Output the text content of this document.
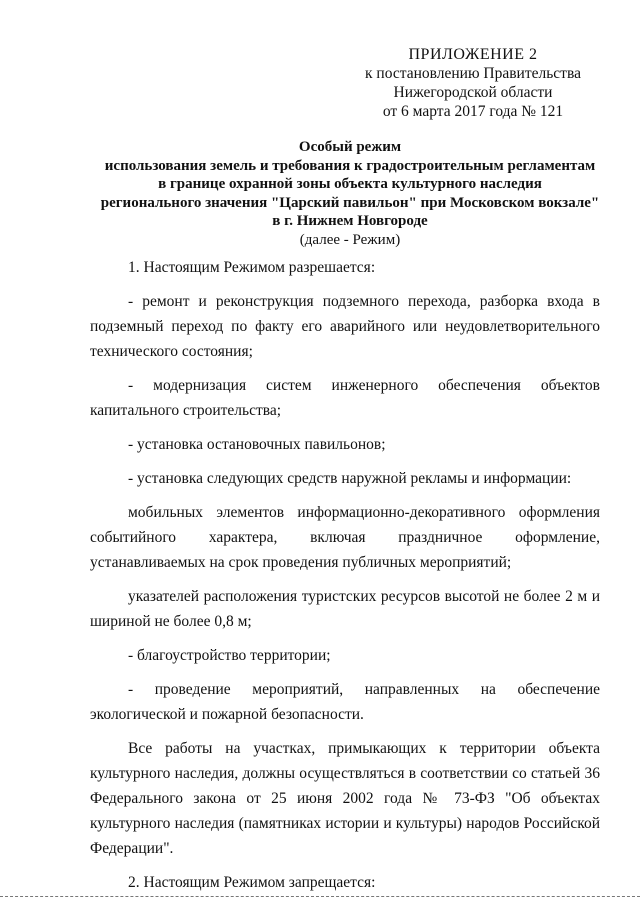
ПРИЛОЖЕНИЕ 2
к постановлению Правительства
Нижегородской области
от 6 марта 2017 года № 121
Особый режим
использования земель и требования к градостроительным регламентам
в границе охранной зоны объекта культурного наследия
регионального значения "Царский павильон" при Московском вокзале"
в г. Нижнем Новгороде
(далее - Режим)

1. Настоящим Режимом разрешается:

- ремонт и реконструкция подземного перехода, разборка входа в подземный переход по факту его аварийного или неудовлетворительного технического состояния;

- модернизация систем инженерного обеспечения объектов капитального строительства;

- установка остановочных павильонов;

- установка следующих средств наружной рекламы и информации:

мобильных элементов информационно-декоративного оформления событийного характера, включая праздничное оформление, устанавливаемых на срок проведения публичных мероприятий;

указателей расположения туристских ресурсов высотой не более 2 м и шириной не более 0,8 м;

- благоустройство территории;

- проведение мероприятий, направленных на обеспечение экологической и пожарной безопасности.

Все работы на участках, примыкающих к территории объекта культурного наследия, должны осуществляться в соответствии со статьей 36 Федерального закона от 25 июня 2002 года № 73-ФЗ "Об объектах культурного наследия (памятниках истории и культуры) народов Российской Федерации".

2. Настоящим Режимом запрещается:
